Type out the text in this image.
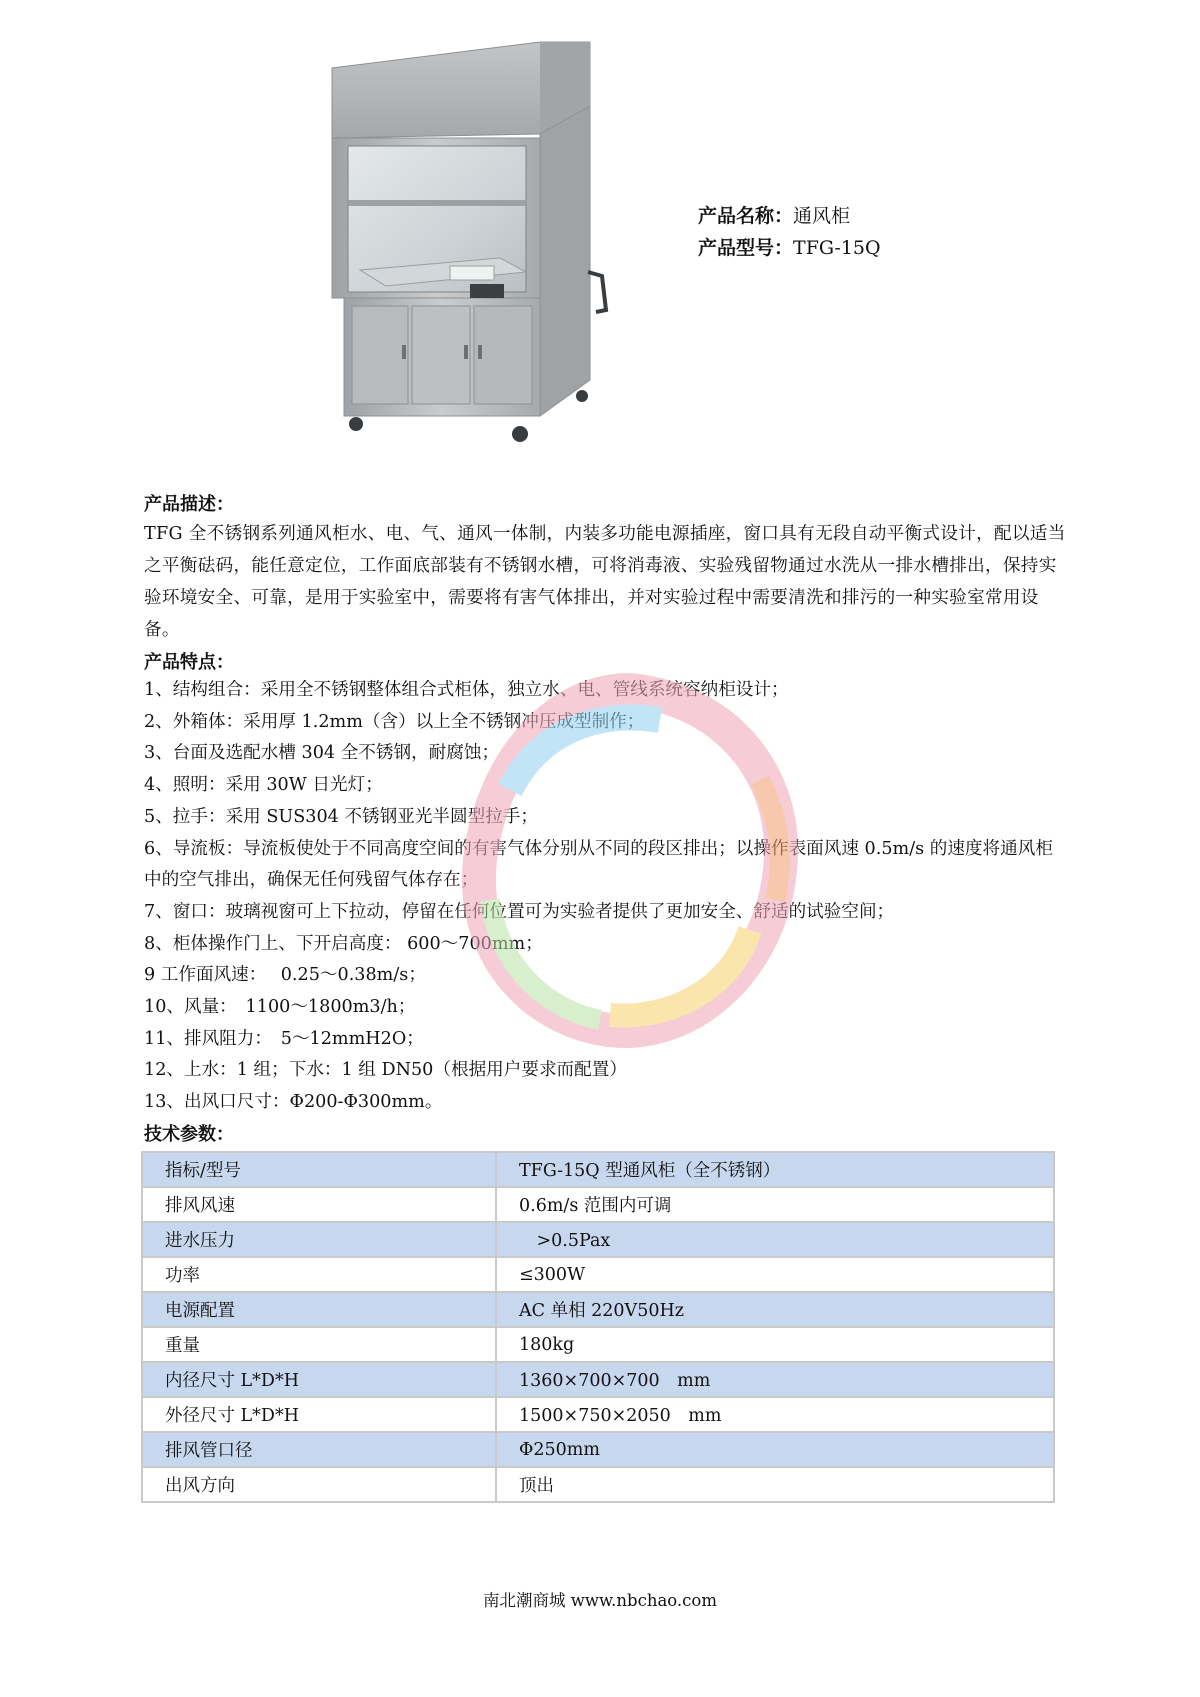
产品名称：通风柜
产品型号：TFG-15Q
产品描述：
TFG 全不锈钢系列通风柜水、电、气、通风一体制，内装多功能电源插座，窗口具有无段自动平衡式设计，配以适当之平衡砝码，能任意定位，工作面底部装有不锈钢水槽，可将消毒液、实验残留物通过水洗从一排水槽排出，保持实验环境安全、可靠，是用于实验室中，需要将有害气体排出，并对实验过程中需要清洗和排污的一种实验室常用设备。
产品特点：
1、结构组合：采用全不锈钢整体组合式柜体，独立水、电、管线系统容纳柜设计；
2、外箱体：采用厚 1.2mm（含）以上全不锈钢冲压成型制作；
3、台面及选配水槽 304 全不锈钢，耐腐蚀；
4、照明：采用 30W 日光灯；
5、拉手：采用 SUS304 不锈钢亚光半圆型拉手；
6、导流板：导流板使处于不同高度空间的有害气体分别从不同的段区排出；以操作表面风速 0.5m/s 的速度将通风柜中的空气排出，确保无任何残留气体存在；
7、窗口：玻璃视窗可上下拉动，停留在任何位置可为实验者提供了更加安全、舒适的试验空间；
8、柜体操作门上、下开启高度： 600～700mm；
9 工作面风速：　 0.25～0.38m/s；
10、风量：　1100～1800m3/h；
11、排风阻力：　5～12mmH2O；
12、上水：1 组；下水：1 组 DN50（根据用户要求而配置）
13、出风口尺寸：Φ200-Φ300mm。
技术参数：
指标/型号	TFG-15Q 型通风柜（全不锈钢）
排风风速	0.6m/s 范围内可调
进水压力	　>0.5Pax
功率	≤300W
电源配置	AC 单相 220V50Hz
重量	180kg
内径尺寸 L*D*H	1360×700×700　mm
外径尺寸 L*D*H	1500×750×2050　mm
排风管口径	Φ250mm
出风方向	顶出
南北潮商城 www.nbchao.com
